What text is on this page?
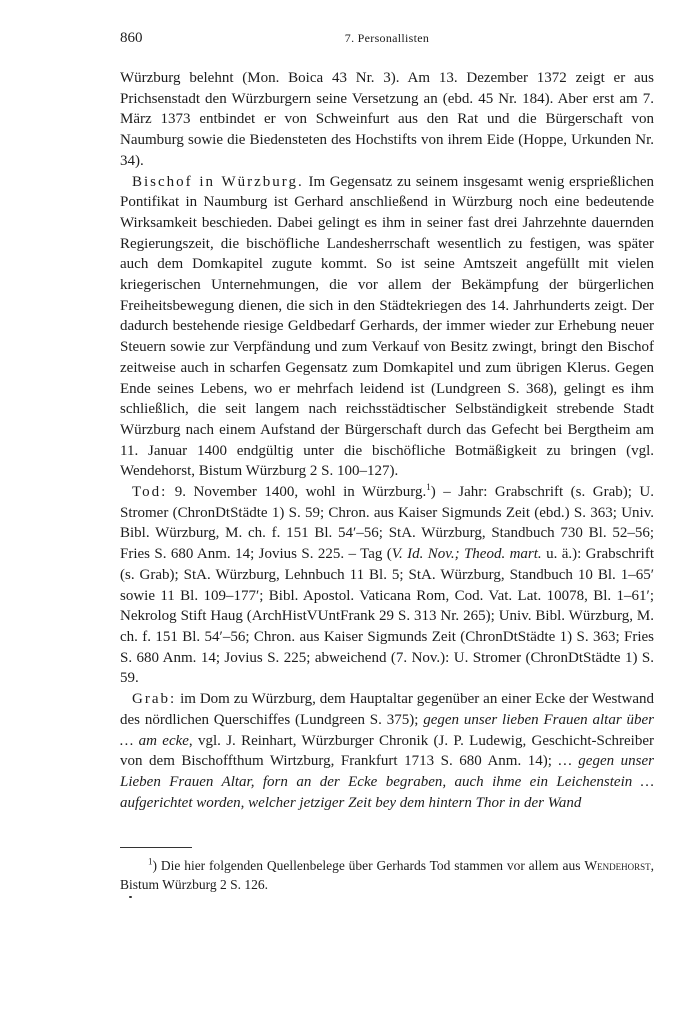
860	7. Personallisten

Würzburg belehnt (Mon. Boica 43 Nr. 3). Am 13. Dezember 1372 zeigt er aus Prichsenstadt den Würzburgern seine Versetzung an (ebd. 45 Nr. 184). Aber erst am 7. März 1373 entbindet er von Schweinfurt aus den Rat und die Bürgerschaft von Naumburg sowie die Biedensteten des Hochstifts von ihrem Eide (Hoppe, Urkunden Nr. 34).

Bischof in Würzburg. Im Gegensatz zu seinem insgesamt wenig ersprießlichen Pontifikat in Naumburg ist Gerhard anschließend in Würzburg noch eine bedeutende Wirksamkeit beschieden. Dabei gelingt es ihm in seiner fast drei Jahrzehnte dauernden Regierungszeit, die bischöfliche Landesherrschaft wesentlich zu festigen, was später auch dem Domkapitel zugute kommt. So ist seine Amtszeit angefüllt mit vielen kriegerischen Unternehmungen, die vor allem der Bekämpfung der bürgerlichen Freiheitsbewegung dienen, die sich in den Städtekriegen des 14. Jahrhunderts zeigt. Der dadurch bestehende riesige Geldbedarf Gerhards, der immer wieder zur Erhebung neuer Steuern sowie zur Verpfändung und zum Verkauf von Besitz zwingt, bringt den Bischof zeitweise auch in scharfen Gegensatz zum Domkapitel und zum übrigen Klerus. Gegen Ende seines Lebens, wo er mehrfach leidend ist (Lundgreen S. 368), gelingt es ihm schließlich, die seit langem nach reichsstädtischer Selbständigkeit strebende Stadt Würzburg nach einem Aufstand der Bürgerschaft durch das Gefecht bei Bergtheim am 11. Januar 1400 endgültig unter die bischöfliche Botmäßigkeit zu bringen (vgl. Wendehorst, Bistum Würzburg 2 S. 100–127).

Tod: 9. November 1400, wohl in Würzburg.$^1$) – Jahr: Grabschrift (s. Grab); U. Stromer (ChronDtStädte 1) S. 59; Chron. aus Kaiser Sigmunds Zeit (ebd.) S. 363; Univ. Bibl. Würzburg, M. ch. f. 151 Bl. 54′–56; StA. Würzburg, Standbuch 730 Bl. 52–56; Fries S. 680 Anm. 14; Jovius S. 225. – Tag (V. Id. Nov.; Theod. mart. u. ä.): Grabschrift (s. Grab); StA. Würzburg, Lehnbuch 11 Bl. 5; StA. Würzburg, Standbuch 10 Bl. 1–65′ sowie 11 Bl. 109–177′; Bibl. Apostol. Vaticana Rom, Cod. Vat. Lat. 10078, Bl. 1–61′; Nekrolog Stift Haug (ArchHistVUntFrank 29 S. 313 Nr. 265); Univ. Bibl. Würzburg, M. ch. f. 151 Bl. 54′–56; Chron. aus Kaiser Sigmunds Zeit (ChronDtStädte 1) S. 363; Fries S. 680 Anm. 14; Jovius S. 225; abweichend (7. Nov.): U. Stromer (ChronDtStädte 1) S. 59.

Grab: im Dom zu Würzburg, dem Hauptaltar gegenüber an einer Ecke der Westwand des nördlichen Querschiffes (Lundgreen S. 375); gegen unser lieben Frauen altar über … am ecke, vgl. J. Reinhart, Würzburger Chronik (J. P. Ludewig, Geschicht-Schreiber von dem Bischoffthum Wirtzburg, Frankfurt 1713 S. 680 Anm. 14); … gegen unser Lieben Frauen Altar, forn an der Ecke begraben, auch ihme ein Leichenstein … aufgerichtet worden, welcher jetziger Zeit bey dem hintern Thor in der Wand

$^1$) Die hier folgenden Quellenbelege über Gerhards Tod stammen vor allem aus Wendehorst, Bistum Würzburg 2 S. 126.
